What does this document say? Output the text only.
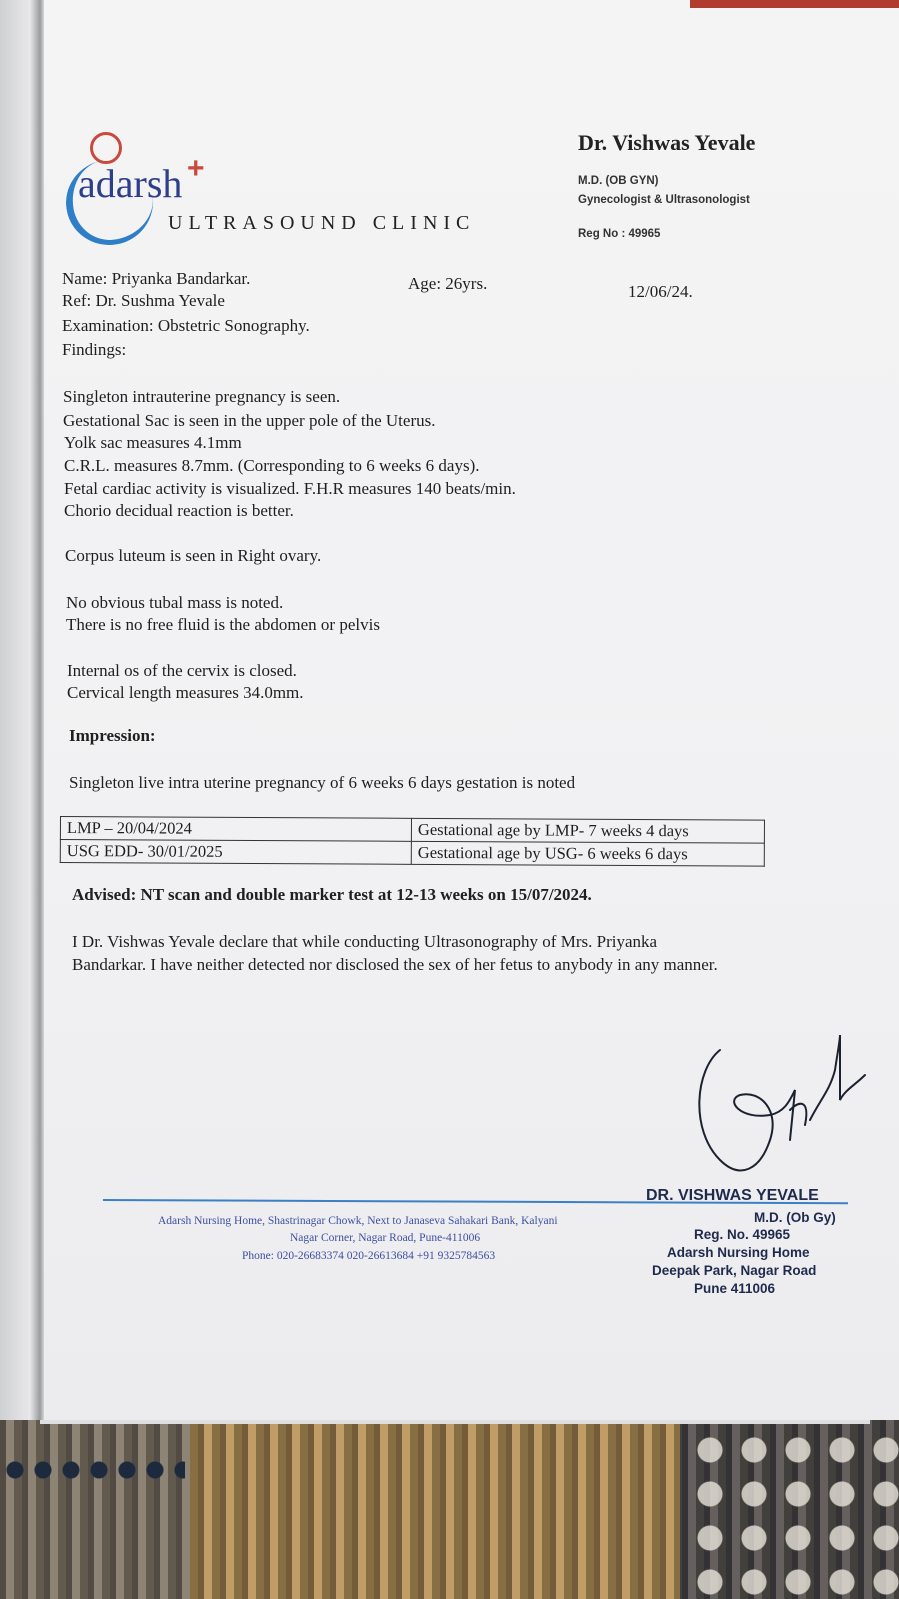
adarsh +
ULTRASOUND CLINIC
Dr. Vishwas Yevale
M.D. (OB GYN)
Gynecologist & Ultrasonologist
Reg No : 49965
Name: Priyanka Bandarkar.	Age: 26yrs.	12/06/24.
Ref: Dr. Sushma Yevale
Examination: Obstetric Sonography.
Findings:
Singleton intrauterine pregnancy is seen.
Gestational Sac is seen in the upper pole of the Uterus.
Yolk sac measures 4.1mm
C.R.L. measures 8.7mm. (Corresponding to 6 weeks 6 days).
Fetal cardiac activity is visualized. F.H.R measures 140 beats/min.
Chorio decidual reaction is better.
Corpus luteum is seen in Right ovary.
No obvious tubal mass is noted.
There is no free fluid is the abdomen or pelvis
Internal os of the cervix is closed.
Cervical length measures 34.0mm.
Impression:
Singleton live intra uterine pregnancy of 6 weeks 6 days gestation is noted
LMP – 20/04/2024	Gestational age by LMP- 7 weeks 4 days
USG EDD- 30/01/2025	Gestational age by USG- 6 weeks 6 days
Advised: NT scan and double marker test at 12-13 weeks on 15/07/2024.
I Dr. Vishwas Yevale declare that while conducting Ultrasonography of Mrs. Priyanka
Bandarkar. I have neither detected nor disclosed the sex of her fetus to anybody in any manner.
Adarsh Nursing Home, Shastrinagar Chowk, Next to Janaseva Sahakari Bank, Kalyani
Nagar Corner, Nagar Road, Pune-411006
Phone: 020-26683374 020-26613684 +91 9325784563
DR. VISHWAS YEVALE
M.D. (Ob Gy)
Reg. No. 49965
Adarsh Nursing Home
Deepak Park, Nagar Road
Pune 411006
